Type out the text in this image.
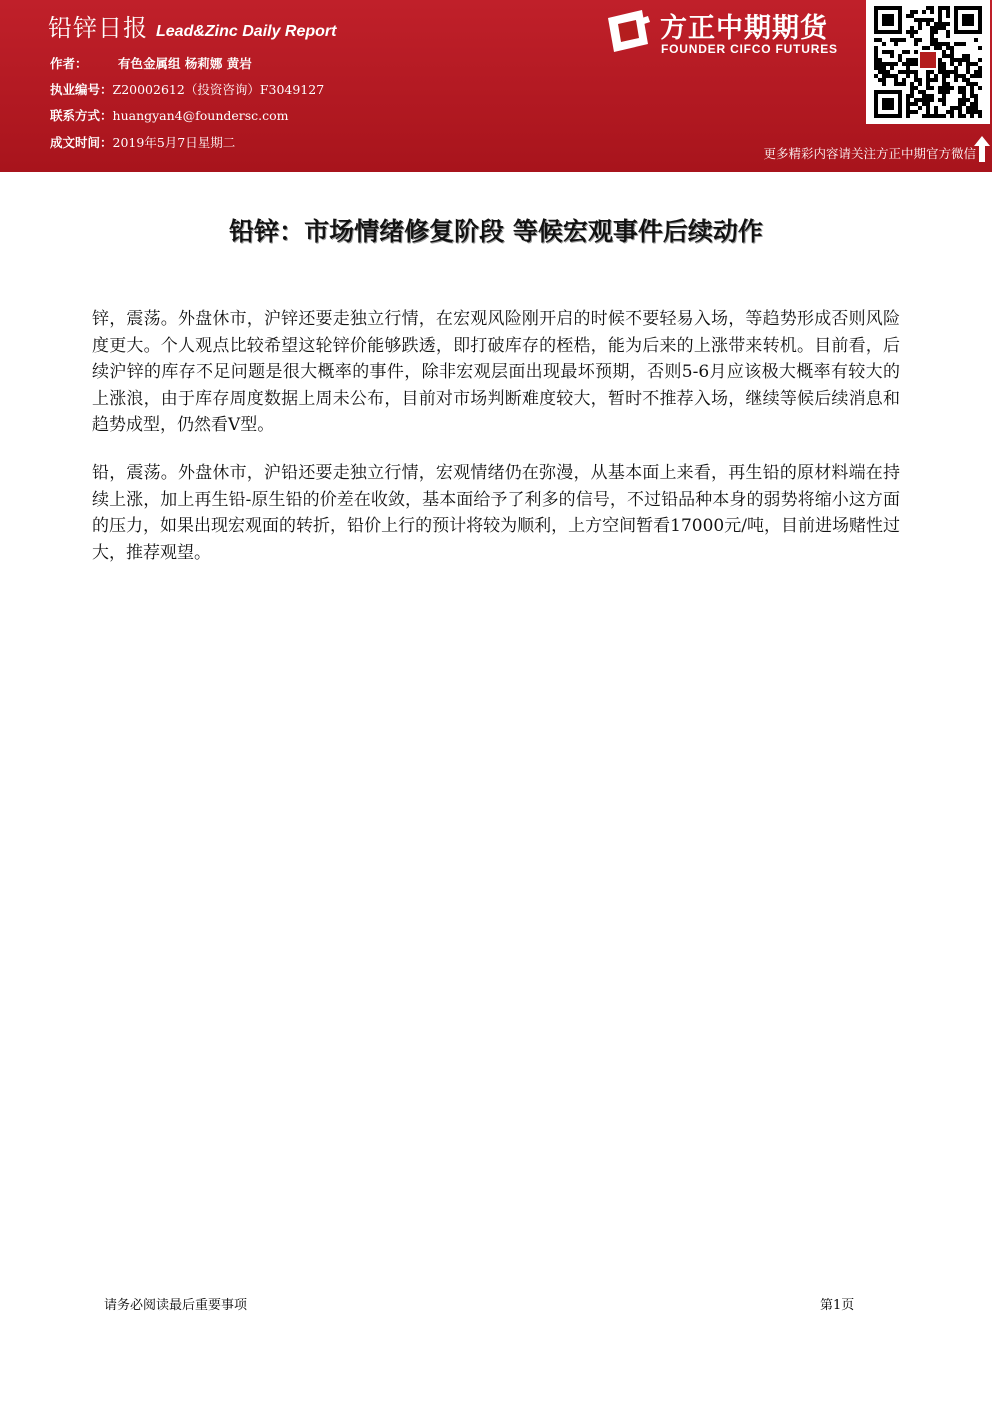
铅锌日报 Lead&Zinc Daily Report
作者： 有色金属组 杨莉娜 黄岩
执业编号：Z20002612（投资咨询）F3049127
联系方式：huangyan4@foundersc.com
成文时间：2019年5月7日星期二
方正中期期货
FOUNDER CIFCO FUTURES
更多精彩内容请关注方正中期官方微信
铅锌：市场情绪修复阶段 等候宏观事件后续动作

锌，震荡。外盘休市，沪锌还要走独立行情，在宏观风险刚开启的时候不要轻易入场，等趋势形成否则风险度更大。个人观点比较希望这轮锌价能够跌透，即打破库存的桎梏，能为后来的上涨带来转机。目前看，后续沪锌的库存不足问题是很大概率的事件，除非宏观层面出现最坏预期，否则5-6月应该极大概率有较大的上涨浪，由于库存周度数据上周未公布，目前对市场判断难度较大，暂时不推荐入场，继续等候后续消息和趋势成型，仍然看V型。

铅，震荡。外盘休市，沪铅还要走独立行情，宏观情绪仍在弥漫，从基本面上来看，再生铅的原材料端在持续上涨，加上再生铅-原生铅的价差在收敛，基本面给予了利多的信号，不过铅品种本身的弱势将缩小这方面的压力，如果出现宏观面的转折，铅价上行的预计将较为顺利，上方空间暂看17000元/吨，目前进场赌性过大，推荐观望。

请务必阅读最后重要事项	第1页
